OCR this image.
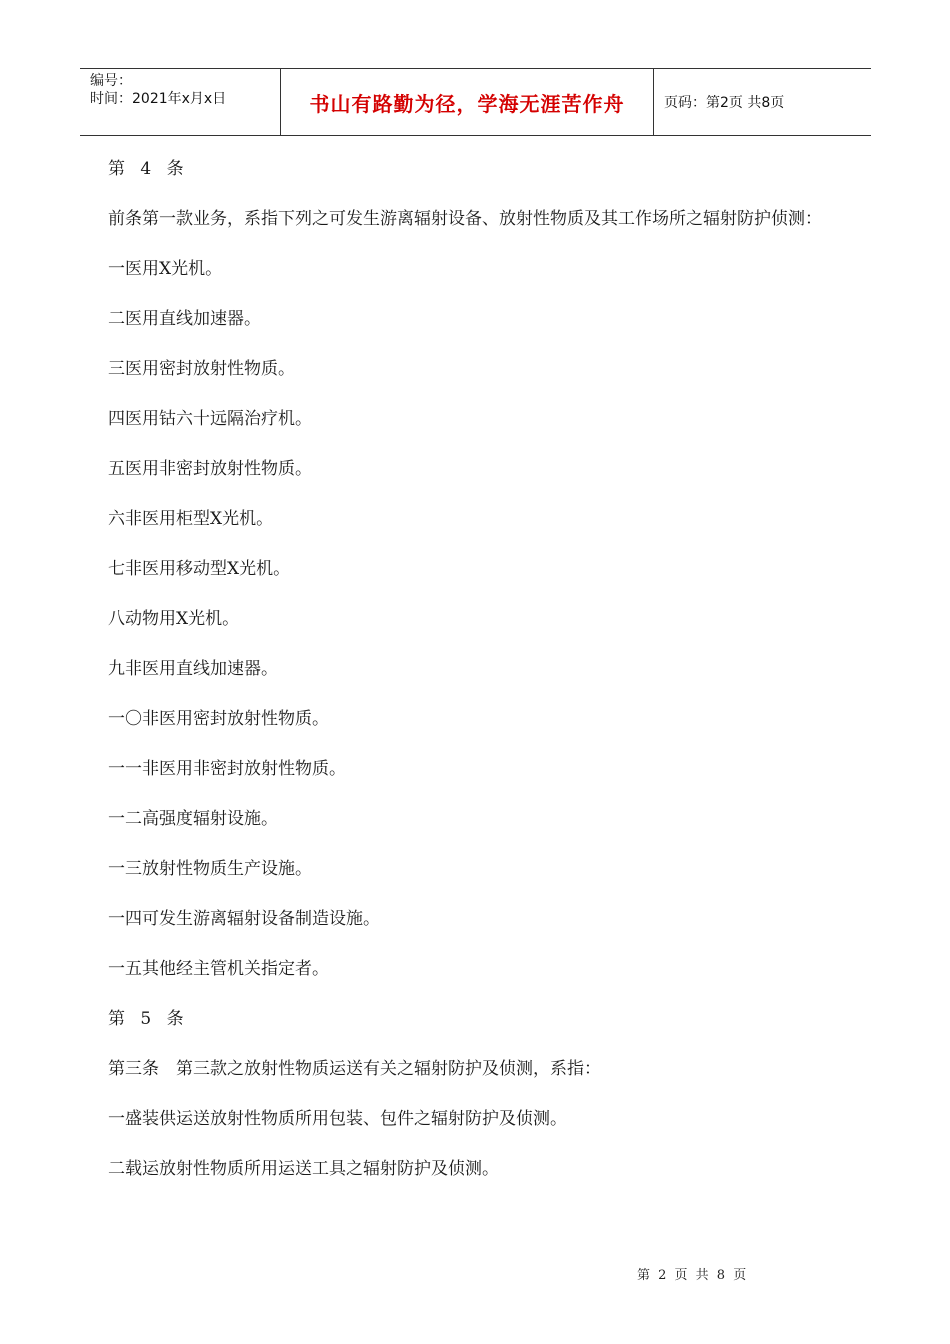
编号：
时间：2021年x月x日	书山有路勤为径，学海无涯苦作舟	页码：第2页 共8页

第 4 条

前条第一款业务，系指下列之可发生游离辐射设备、放射性物质及其工作场所之辐射防护侦测：

一医用X光机。

二医用直线加速器。

三医用密封放射性物质。

四医用钴六十远隔治疗机。

五医用非密封放射性物质。

六非医用柜型X光机。

七非医用移动型X光机。

八动物用X光机。

九非医用直线加速器。

一〇非医用密封放射性物质。

一一非医用非密封放射性物质。

一二高强度辐射设施。

一三放射性物质生产设施。

一四可发生游离辐射设备制造设施。

一五其他经主管机关指定者。

第 5 条

第三条　第三款之放射性物质运送有关之辐射防护及侦测，系指：

一盛装供运送放射性物质所用包装、包件之辐射防护及侦测。

二载运放射性物质所用运送工具之辐射防护及侦测。

第 2 页 共 8 页
